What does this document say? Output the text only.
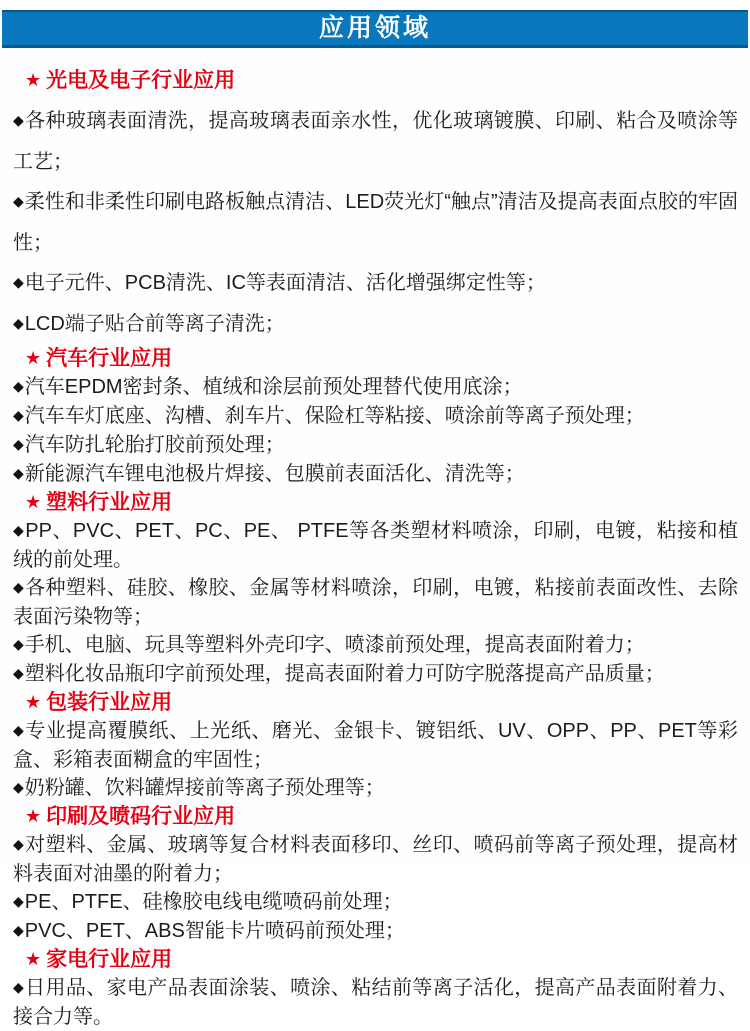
应用领域
★ 光电及电子行业应用

◆各种玻璃表面清洗，提高玻璃表面亲水性，优化玻璃镀膜、印刷、粘合及喷涂等工艺；

◆柔性和非柔性印刷电路板触点清洁、LED荧光灯“触点”清洁及提高表面点胶的牢固性；

◆电子元件、PCB清洗、IC等表面清洁、活化增强绑定性等；

◆LCD端子贴合前等离子清洗；

★ 汽车行业应用

◆汽车EPDM密封条、植绒和涂层前预处理替代使用底涂；

◆汽车车灯底座、沟槽、刹车片、保险杠等粘接、喷涂前等离子预处理；

◆汽车防扎轮胎打胶前预处理；

◆新能源汽车锂电池极片焊接、包膜前表面活化、清洗等；

★ 塑料行业应用

◆PP、PVC、PET、PC、PE、 PTFE等各类塑材料喷涂，印刷，电镀，粘接和植绒的前处理。

◆各种塑料、硅胶、橡胶、金属等材料喷涂，印刷，电镀，粘接前表面改性、去除表面污染物等；

◆手机、电脑、玩具等塑料外壳印字、喷漆前预处理，提高表面附着力；

◆塑料化妆品瓶印字前预处理，提高表面附着力可防字脱落提高产品质量；

★ 包装行业应用

◆专业提高覆膜纸、上光纸、磨光、金银卡、镀铝纸、UV、OPP、PP、PET等彩盒、彩箱表面糊盒的牢固性；

◆奶粉罐、饮料罐焊接前等离子预处理等；

★ 印刷及喷码行业应用

◆对塑料、金属、玻璃等复合材料表面移印、丝印、喷码前等离子预处理，提高材料表面对油墨的附着力；

◆PE、PTFE、硅橡胶电线电缆喷码前处理；

◆PVC、PET、ABS智能卡片喷码前预处理；

★ 家电行业应用

◆日用品、家电产品表面涂装、喷涂、粘结前等离子活化，提高产品表面附着力、接合力等。
